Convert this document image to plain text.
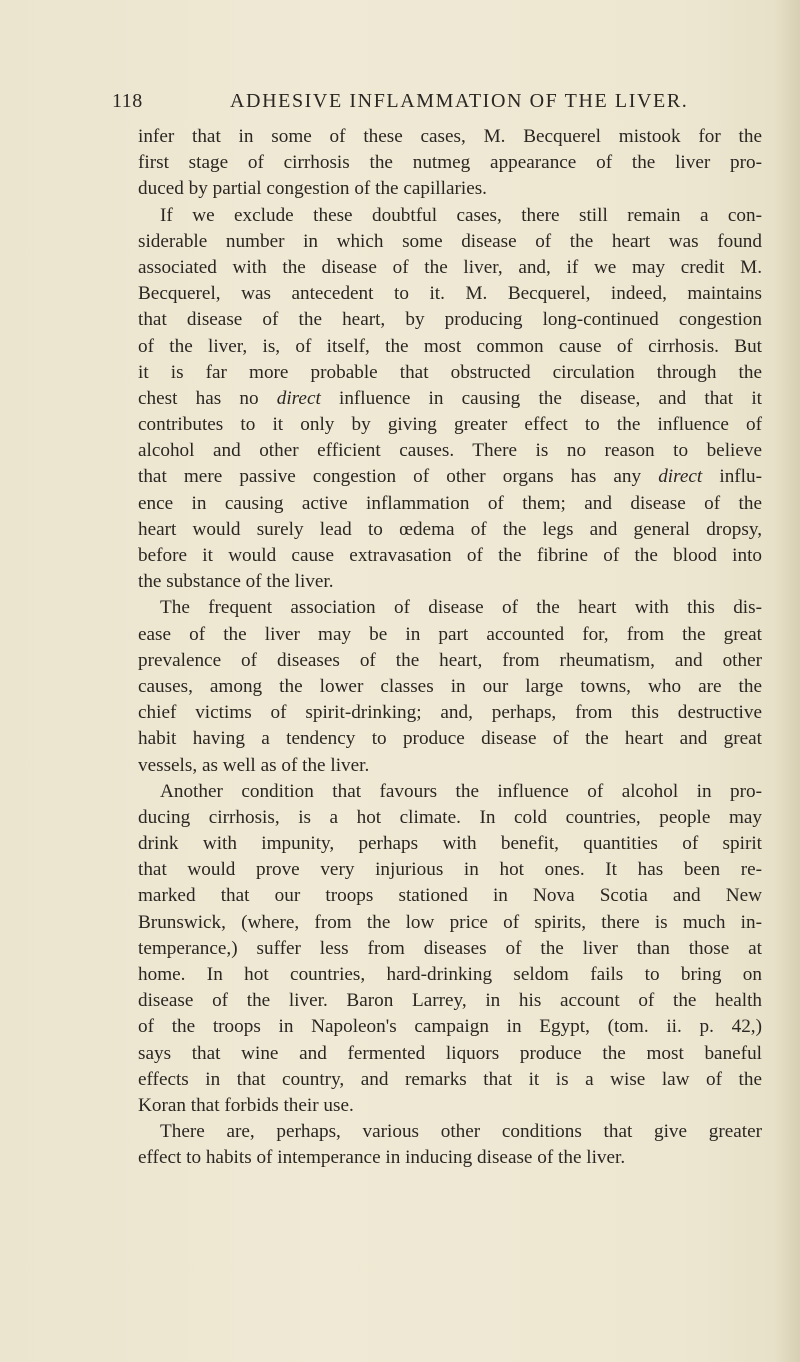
118	ADHESIVE INFLAMMATION OF THE LIVER.
infer that in some of these cases, M. Becquerel mistook for the
first stage of cirrhosis the nutmeg appearance of the liver pro-
duced by partial congestion of the capillaries.
If we exclude these doubtful cases, there still remain a con-
siderable number in which some disease of the heart was found
associated with the disease of the liver, and, if we may credit M.
Becquerel, was antecedent to it. M. Becquerel, indeed, maintains
that disease of the heart, by producing long-continued congestion
of the liver, is, of itself, the most common cause of cirrhosis. But
it is far more probable that obstructed circulation through the
chest has no direct influence in causing the disease, and that it
contributes to it only by giving greater effect to the influence of
alcohol and other efficient causes. There is no reason to believe
that mere passive congestion of other organs has any direct influ-
ence in causing active inflammation of them; and disease of the
heart would surely lead to œdema of the legs and general dropsy,
before it would cause extravasation of the fibrine of the blood into
the substance of the liver.
The frequent association of disease of the heart with this dis-
ease of the liver may be in part accounted for, from the great
prevalence of diseases of the heart, from rheumatism, and other
causes, among the lower classes in our large towns, who are the
chief victims of spirit-drinking; and, perhaps, from this destructive
habit having a tendency to produce disease of the heart and great
vessels, as well as of the liver.
Another condition that favours the influence of alcohol in pro-
ducing cirrhosis, is a hot climate. In cold countries, people may
drink with impunity, perhaps with benefit, quantities of spirit
that would prove very injurious in hot ones. It has been re-
marked that our troops stationed in Nova Scotia and New
Brunswick, (where, from the low price of spirits, there is much in-
temperance,) suffer less from diseases of the liver than those at
home. In hot countries, hard-drinking seldom fails to bring on
disease of the liver. Baron Larrey, in his account of the health
of the troops in Napoleon's campaign in Egypt, (tom. ii. p. 42,)
says that wine and fermented liquors produce the most baneful
effects in that country, and remarks that it is a wise law of the
Koran that forbids their use.
There are, perhaps, various other conditions that give greater
effect to habits of intemperance in inducing disease of the liver.
